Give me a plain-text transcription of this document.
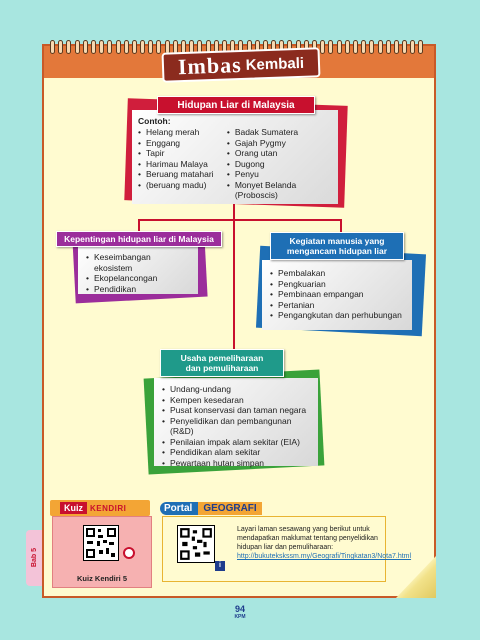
Imbas Kembali
Hidupan Liar di Malaysia
Contoh:
• Helang merah
• Enggang
• Tapir
• Harimau Malaya
• Beruang matahari
• (beruang madu)
• Badak Sumatera
• Gajah Pygmy
• Orang utan
• Dugong
• Penyu
• Monyet Belanda (Proboscis)
• Keseimbangan ekosistem
• Ekopelancongan
• Pendidikan
Kepentingan hidupan liar di Malaysia
• Pembalakan
• Pengkuarian
• Pembinaan empangan
• Pertanian
• Pengangkutan dan perhubungan
Kegiatan manusia yang
mengancam hidupan liar
• Undang-undang
• Kempen kesedaran
• Pusat konservasi dan taman negara
• Penyelidikan dan pembangunan (R&D)
• Penilaian impak alam sekitar (EIA)
• Pendidikan alam sekitar
• Pewartaan hutan simpan
Usaha pemeliharaan
dan pemuliharaan
Kuiz Kendiri 5
Kuiz KENDIRI
i
Layari laman sesawang yang berikut untuk mendapatkan maklumat tentang penyelidikan hidupan liar dan pemuliharaan:
http://bukutekskssm.my/Geografi/Tingkatan3/Nota7.html
Portal	GEOGRAFI
Bab 5
94
KPM
